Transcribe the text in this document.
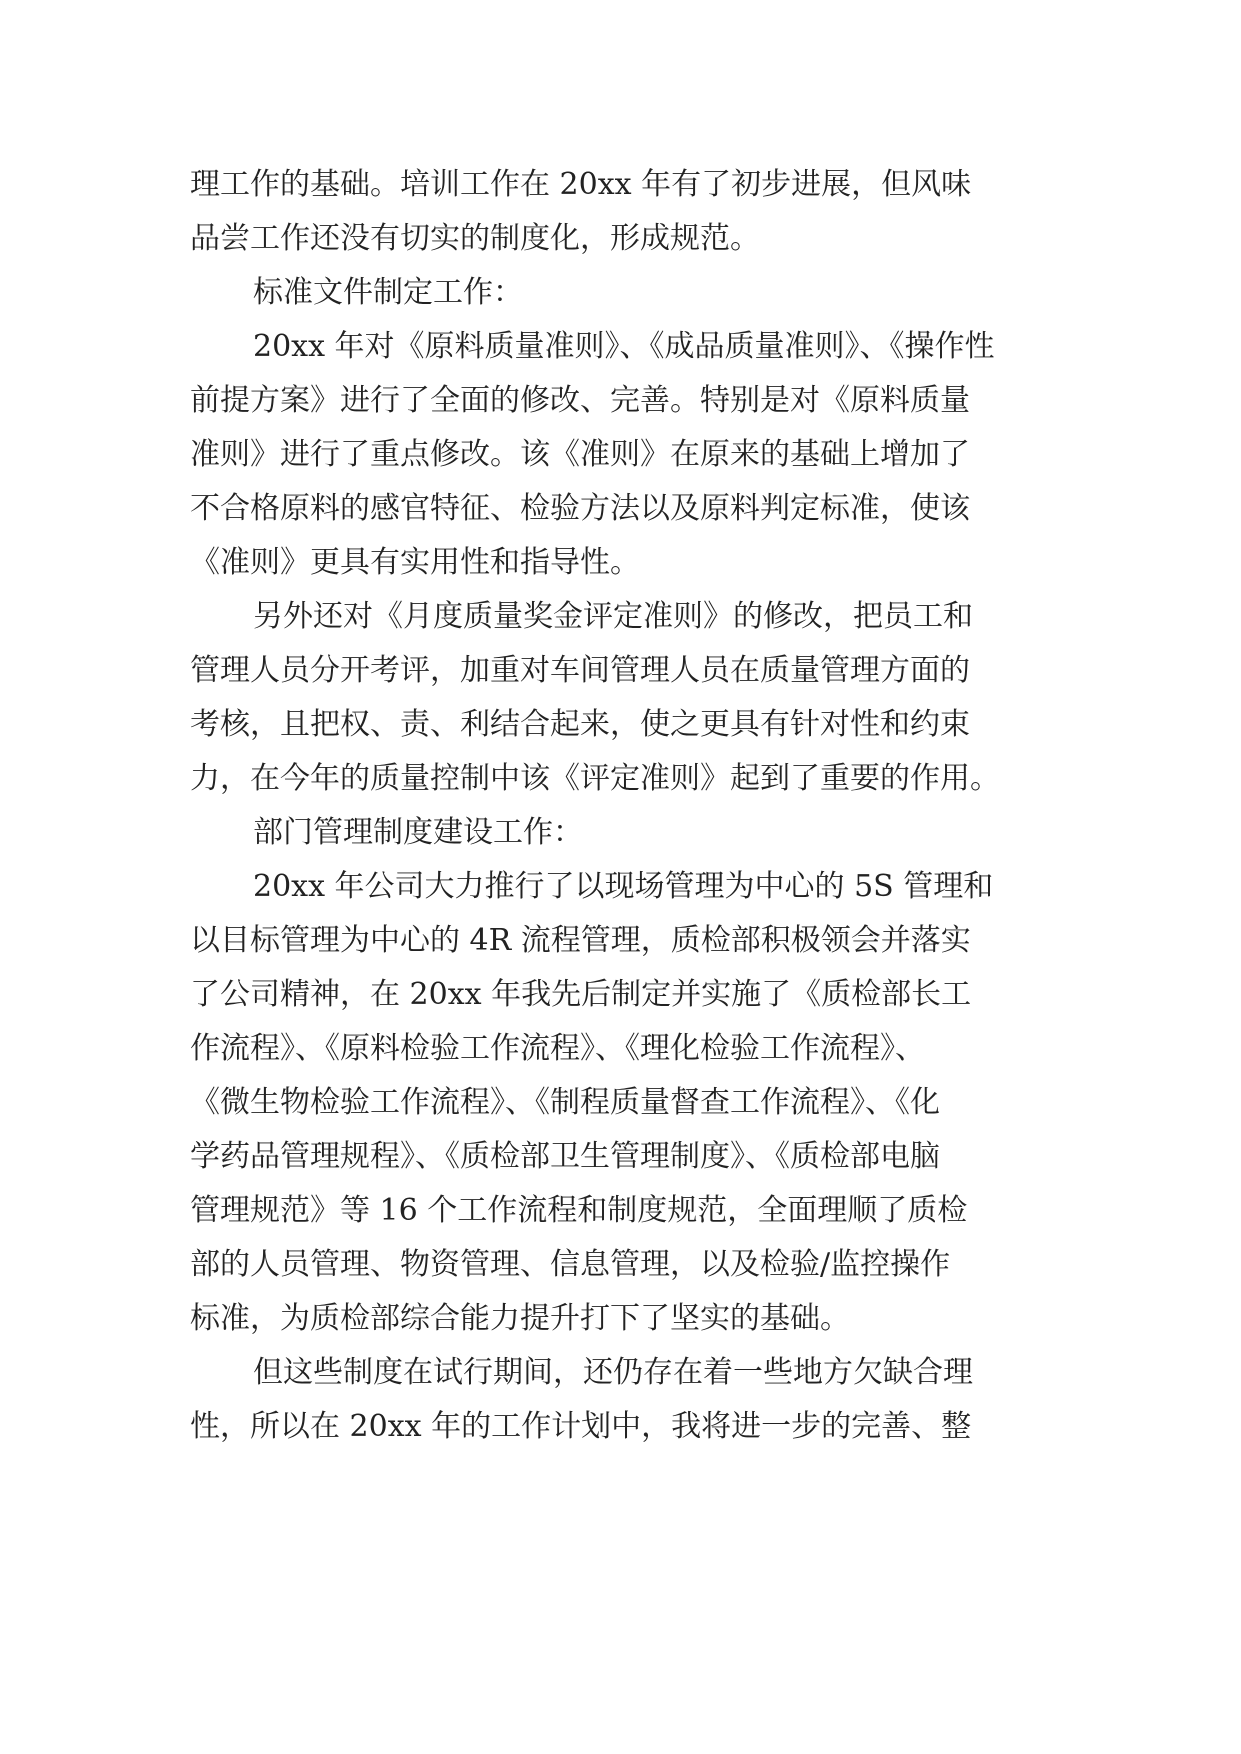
理工作的基础。培训工作在 20xx 年有了初步进展，但风味
品尝工作还没有切实的制度化，形成规范。
标准文件制定工作：
20xx 年对《原料质量准则》、《成品质量准则》、《操作性
前提方案》进行了全面的修改、完善。特别是对《原料质量
准则》进行了重点修改。该《准则》在原来的基础上增加了
不合格原料的感官特征、检验方法以及原料判定标准，使该
《准则》更具有实用性和指导性。
另外还对《月度质量奖金评定准则》的修改，把员工和
管理人员分开考评，加重对车间管理人员在质量管理方面的
考核，且把权、责、利结合起来，使之更具有针对性和约束
力，在今年的质量控制中该《评定准则》起到了重要的作用。
部门管理制度建设工作：
20xx 年公司大力推行了以现场管理为中心的 5S 管理和
以目标管理为中心的 4R 流程管理，质检部积极领会并落实
了公司精神，在 20xx 年我先后制定并实施了《质检部长工
作流程》、《原料检验工作流程》、《理化检验工作流程》、
《微生物检验工作流程》、《制程质量督查工作流程》、《化
学药品管理规程》、《质检部卫生管理制度》、《质检部电脑
管理规范》等 16 个工作流程和制度规范，全面理顺了质检
部的人员管理、物资管理、信息管理，以及检验/监控操作
标准，为质检部综合能力提升打下了坚实的基础。
但这些制度在试行期间，还仍存在着一些地方欠缺合理
性，所以在 20xx 年的工作计划中，我将进一步的完善、整
